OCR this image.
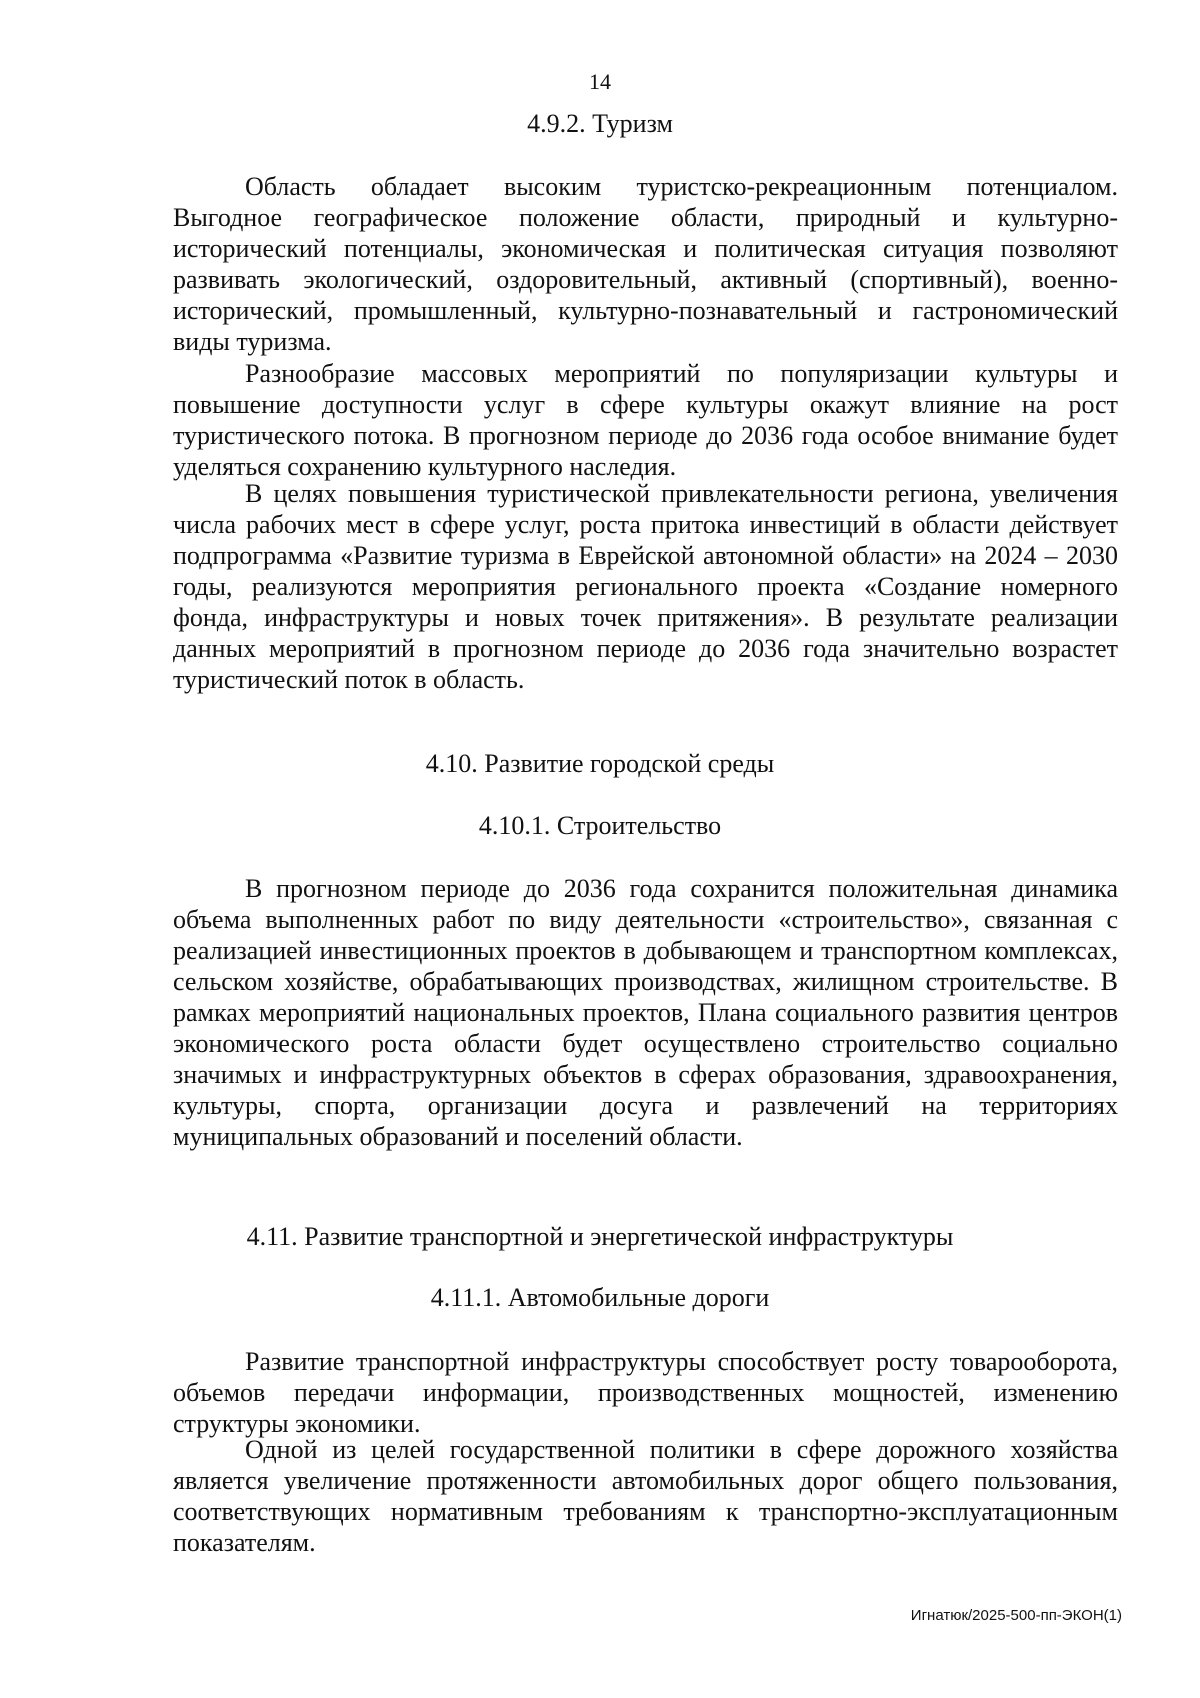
14

4.9.2. Туризм

Область обладает высоким туристско-рекреационным потенциалом. Выгодное географическое положение области, природный и культурно-исторический потенциалы, экономическая и политическая ситуация позволяют развивать экологический, оздоровительный, активный (спортивный), военно-исторический, промышленный, культурно-познавательный и гастрономический виды туризма.

Разнообразие массовых мероприятий по популяризации культуры и повышение доступности услуг в сфере культуры окажут влияние на рост туристического потока. В прогнозном периоде до 2036 года особое внимание будет уделяться сохранению культурного наследия.

В целях повышения туристической привлекательности региона, увеличения числа рабочих мест в сфере услуг, роста притока инвестиций в области действует подпрограмма «Развитие туризма в Еврейской автономной области» на 2024 – 2030 годы, реализуются мероприятия регионального проекта «Создание номерного фонда, инфраструктуры и новых точек притяжения». В результате реализации данных мероприятий в прогнозном периоде до 2036 года значительно возрастет туристический поток в область.

4.10. Развитие городской среды
4.10.1. Строительство

В прогнозном периоде до 2036 года сохранится положительная динамика объема выполненных работ по виду деятельности «строительство», связанная с реализацией инвестиционных проектов в добывающем и транспортном комплексах, сельском хозяйстве, обрабатывающих производствах, жилищном строительстве. В рамках мероприятий национальных проектов, Плана социального развития центров экономического роста области будет осуществлено строительство социально значимых и инфраструктурных объектов в сферах образования, здравоохранения, культуры, спорта, организации досуга и развлечений на территориях муниципальных образований и поселений области.

4.11. Развитие транспортной и энергетической инфраструктуры
4.11.1. Автомобильные дороги

Развитие транспортной инфраструктуры способствует росту товарооборота, объемов передачи информации, производственных мощностей, изменению структуры экономики.

Одной из целей государственной политики в сфере дорожного хозяйства является увеличение протяженности автомобильных дорог общего пользования, соответствующих нормативным требованиям к транспортно-эксплуатационным показателям.

Игнатюк/2025-500-пп-ЭКОН(1)
